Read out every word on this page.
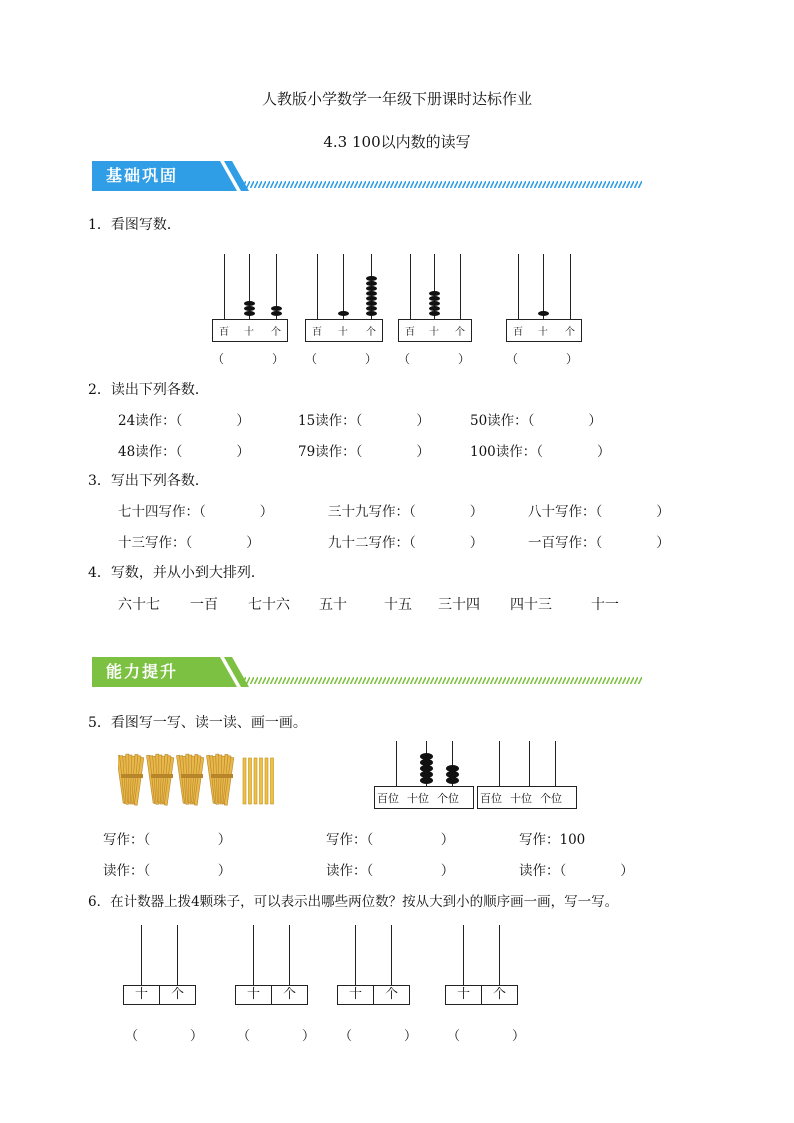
人教版小学数学一年级下册课时达标作业
4.3 100以内数的读写
基础巩固
1．看图写数．
百 十 个
（　　　　）
百 十 个
（　　　　）
百 十 个
（　　　　）
百 十 个
（　　　　）
2．读出下列各数．
24读作：（　　　　）	15读作：（　　　　）	50读作：（　　　　）
48读作：（　　　　）	79读作：（　　　　）	100读作：（　　　　）
3．写出下列各数．
七十四写作：（　　　　）	三十九写作：（　　　　）	八十写作：（　　　　）
十三写作：（　　　　）	九十二写作：（　　　　）	一百写作：（　　　　）
4．写数，并从小到大排列．
六十七 一百 七十六 五十	十五 三十四 四十三	十一
能力提升
5．看图写一写、读一读、画一画。
百位 十位 个位 百位 十位 个位
写作：（　　　　　）	写作：（　　　　　）	写作：100
读作：（　　　　　）	读作：（　　　　　）	读作：（　　　　）
6．在计数器上拨4颗珠子，可以表示出哪些两位数？按从大到小的顺序画一画，写一写。
十	个
（　　　　）
十	个
（　　　　）
十	个
（　　　　）
十	个
（　　　　）
